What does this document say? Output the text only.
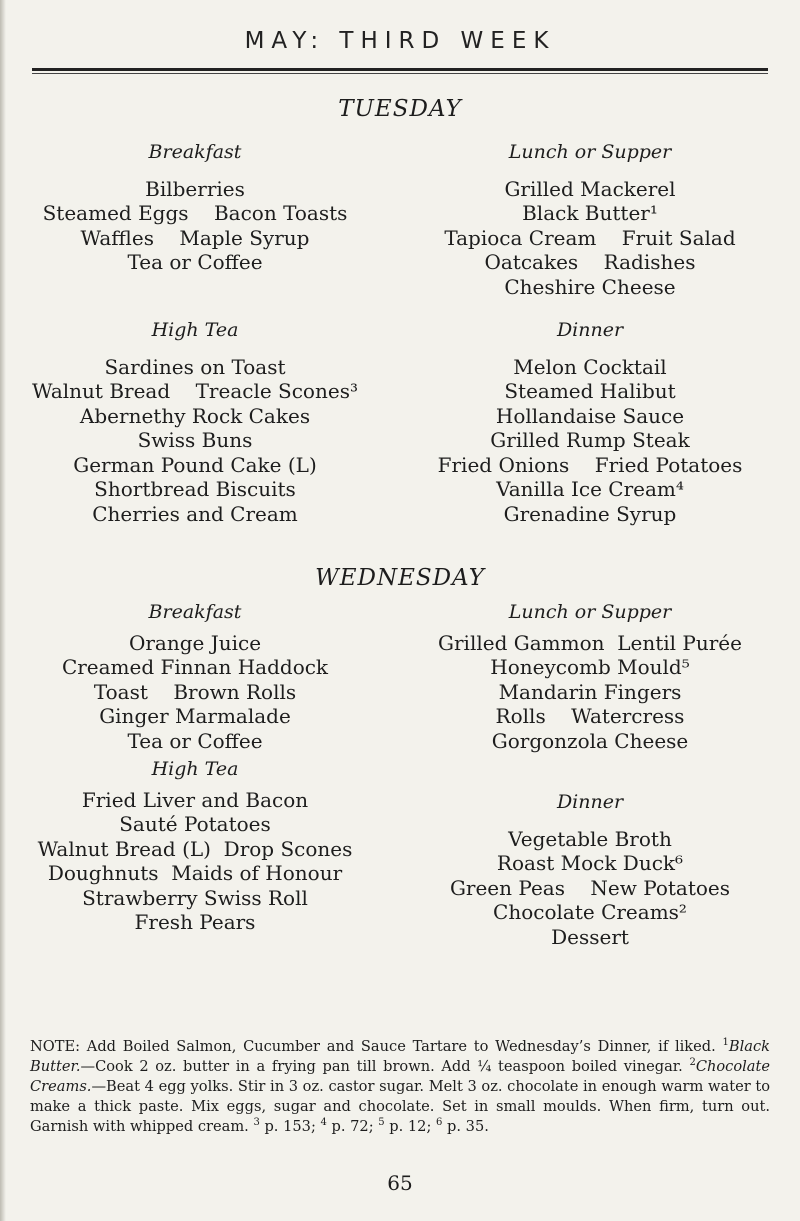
MAY: THIRD WEEK
TUESDAY
Breakfast
Bilberries
Steamed Eggs    Bacon Toasts
Waffles    Maple Syrup
Tea or Coffee
Lunch or Supper
Grilled Mackerel
Black Butter¹
Tapioca Cream    Fruit Salad
Oatcakes    Radishes
Cheshire Cheese
High Tea
Sardines on Toast
Walnut Bread    Treacle Scones³
Abernethy Rock Cakes
Swiss Buns
German Pound Cake (L)
Shortbread Biscuits
Cherries and Cream
Dinner
Melon Cocktail
Steamed Halibut
Hollandaise Sauce
Grilled Rump Steak
Fried Onions    Fried Potatoes
Vanilla Ice Cream⁴
Grenadine Syrup
WEDNESDAY
Breakfast
Orange Juice
Creamed Finnan Haddock
Toast    Brown Rolls
Ginger Marmalade
Tea or Coffee
High Tea
Fried Liver and Bacon
Sauté Potatoes
Walnut Bread (L)  Drop Scones
Doughnuts  Maids of Honour
Strawberry Swiss Roll
Fresh Pears
Lunch or Supper
Grilled Gammon  Lentil Purée
Honeycomb Mould⁵
Mandarin Fingers
Rolls    Watercress
Gorgonzola Cheese
Dinner
Vegetable Broth
Roast Mock Duck⁶
Green Peas    New Potatoes
Chocolate Creams²
Dessert
NOTE: Add Boiled Salmon, Cucumber and Sauce Tartare to Wednesday’s Dinner, if liked. $^1$Black Butter.—Cook 2 oz. butter in a frying pan till brown. Add ¼ teaspoon boiled vinegar. $^2$Chocolate Creams.—Beat 4 egg yolks. Stir in 3 oz. castor sugar. Melt 3 oz. chocolate in enough warm water to make a thick paste. Mix eggs, sugar and chocolate. Set in small moulds. When firm, turn out. Garnish with whipped cream. $^3$ p. 153; $^4$ p. 72; $^5$ p. 12; $^6$ p. 35.
65
